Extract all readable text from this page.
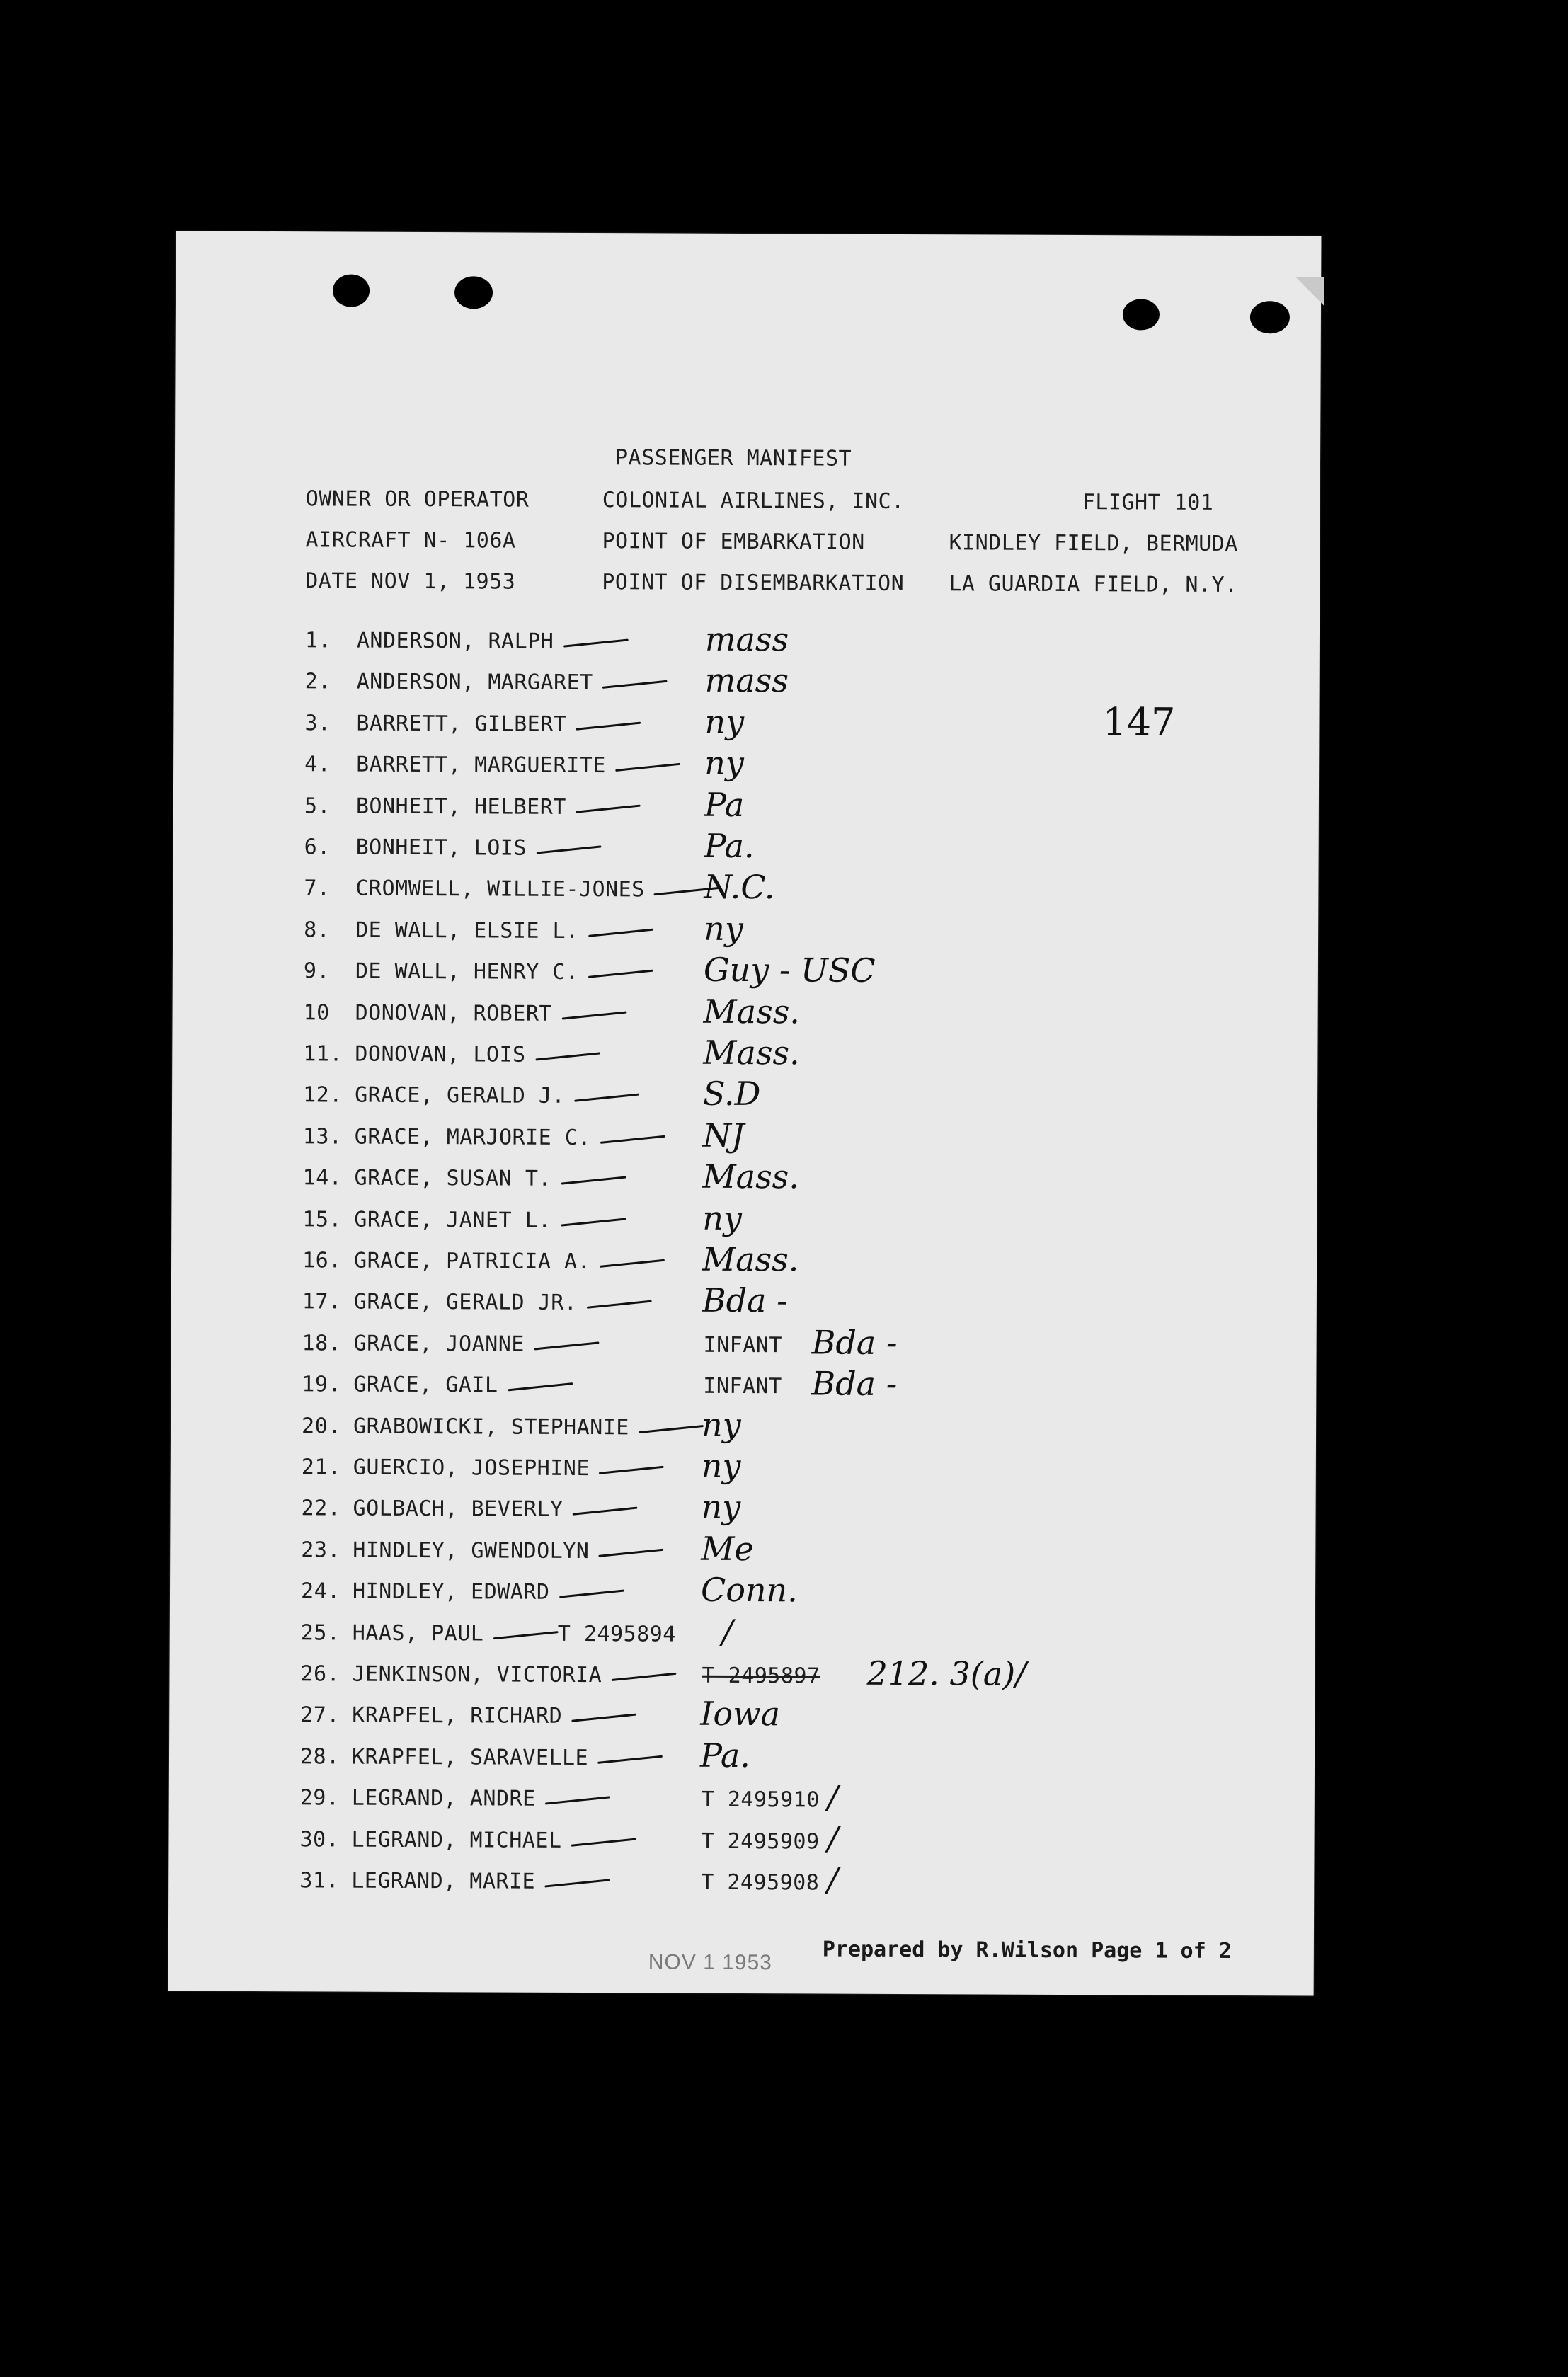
PASSENGER MANIFEST
OWNER OR OPERATOR	COLONIAL AIRLINES, INC.	FLIGHT 101
AIRCRAFT N- 106A	POINT OF EMBARKATION	KINDLEY FIELD, BERMUDA
DATE NOV 1, 1953	POINT OF DISEMBARKATION LA GUARDIA FIELD, N.Y.
147
1. ANDERSON, RALPH	mass
2. ANDERSON, MARGARET	mass
3. BARRETT, GILBERT	ny
4. BARRETT, MARGUERITE	ny
5. BONHEIT, HELBERT	Pa
6. BONHEIT, LOIS	Pa.
7. CROMWELL, WILLIE-JONES N.C.
8. DE WALL, ELSIE L.	ny
9. DE WALL, HENRY C.	Guy - USC
10 DONOVAN, ROBERT	Mass.
11. DONOVAN, LOIS	Mass.
12. GRACE, GERALD J.	S.D
13. GRACE, MARJORIE C.	NJ
14. GRACE, SUSAN T.	Mass.
15. GRACE, JANET L.	ny
16. GRACE, PATRICIA A.	Mass.
17. GRACE, GERALD JR.	Bda -
18. GRACE, JOANNE	INFANT Bda -
19. GRACE, GAIL	INFANT Bda -
20. GRABOWICKI, STEPHANIE ny
21. GUERCIO, JOSEPHINE	ny
22. GOLBACH, BEVERLY	ny
23. HINDLEY, GWENDOLYN	Me
24. HINDLEY, EDWARD	Conn.
25. HAAS, PAUL	T 2495894 /
26. JENKINSON, VICTORIA	T 2495897 212. 3(a)/
27. KRAPFEL, RICHARD	Iowa
28. KRAPFEL, SARAVELLE	Pa.
29. LEGRAND, ANDRE	T 2495910 /
30. LEGRAND, MICHAEL	T 2495909 /
31. LEGRAND, MARIE	T 2495908 /
NOV 1 1953 Prepared by R.Wilson Page 1 of 2
